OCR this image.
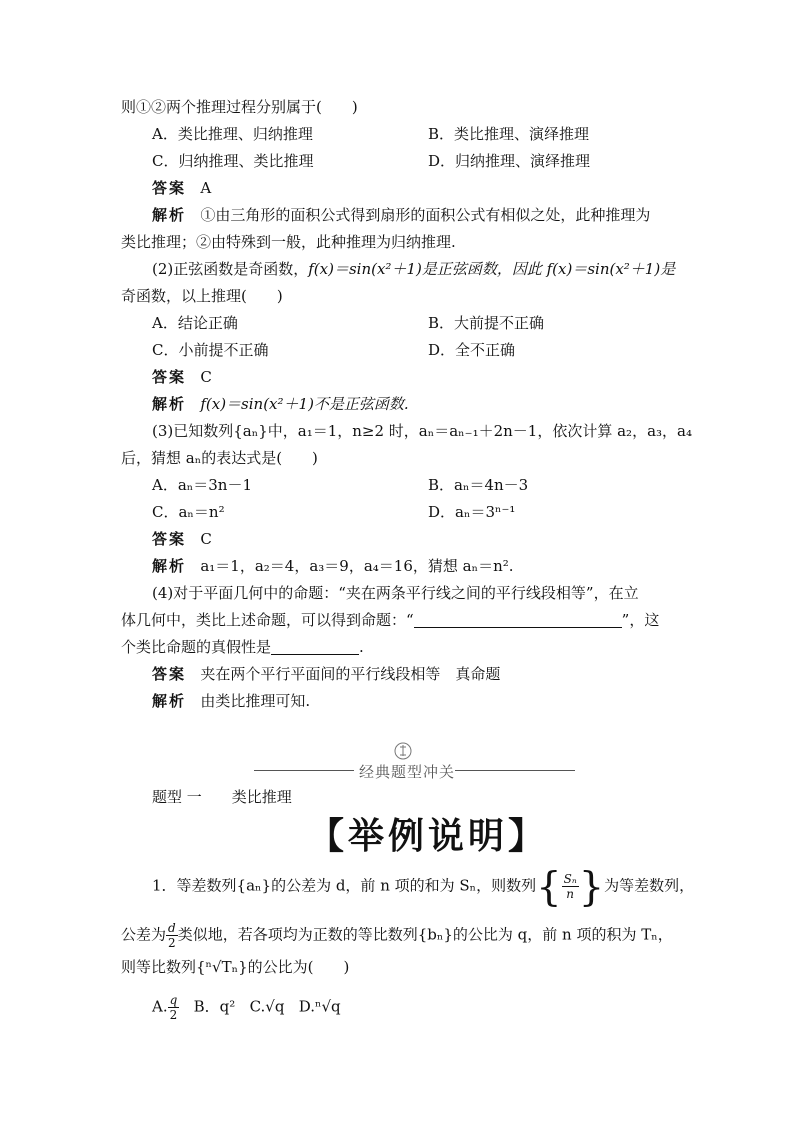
则①②两个推理过程分别属于(　　)
A．类比推理、归纳推理	B．类比推理、演绎推理
C．归纳推理、类比推理	D．归纳推理、演绎推理
答案 A
解析 ①由三角形的面积公式得到扇形的面积公式有相似之处，此种推理为
类比推理；②由特殊到一般，此种推理为归纳推理.
(2)正弦函数是奇函数，f(x)＝sin(x²＋1)是正弦函数，因此 f(x)＝sin(x²＋1)是
奇函数，以上推理(　　)
A．结论正确	B．大前提不正确
C．小前提不正确	D．全不正确
答案 C
解析 f(x)＝sin(x²＋1)不是正弦函数.
(3)已知数列{aₙ}中，a₁＝1，n≥2 时，aₙ＝aₙ₋₁＋2n－1，依次计算 a₂，a₃，a₄
后，猜想 aₙ的表达式是(　　)
A．aₙ＝3n－1	B．aₙ＝4n－3
C．aₙ＝n²	D．aₙ＝3ⁿ⁻¹
答案 C
解析 a₁＝1，a₂＝4，a₃＝9，a₄＝16，猜想 aₙ＝n².
(4)对于平面几何中的命题：“夹在两条平行线之间的平行线段相等”，在立
体几何中，类比上述命题，可以得到命题：“	”，这
个类比命题的真假性是	.
答案 夹在两个平行平面间的平行线段相等　真命题
解析 由类比推理可知.
经典题型冲关
题型 一　　类比推理
【举例说明】
1．等差数列{aₙ}的公差为 d，前 n 项的和为 Sₙ，则数列{ $\frac{\text{Sₙ}}{n}$ }为等差数列，
公差为 $\frac{d}{2}$ 类似地，若各项均为正数的等比数列{bₙ}的公比为 q，前 n 项的积为 Tₙ，
则等比数列{ⁿ√Tₙ}的公比为(　　)
A. $\frac{q}{2}$ B．q² C.√q D.ⁿ√q
